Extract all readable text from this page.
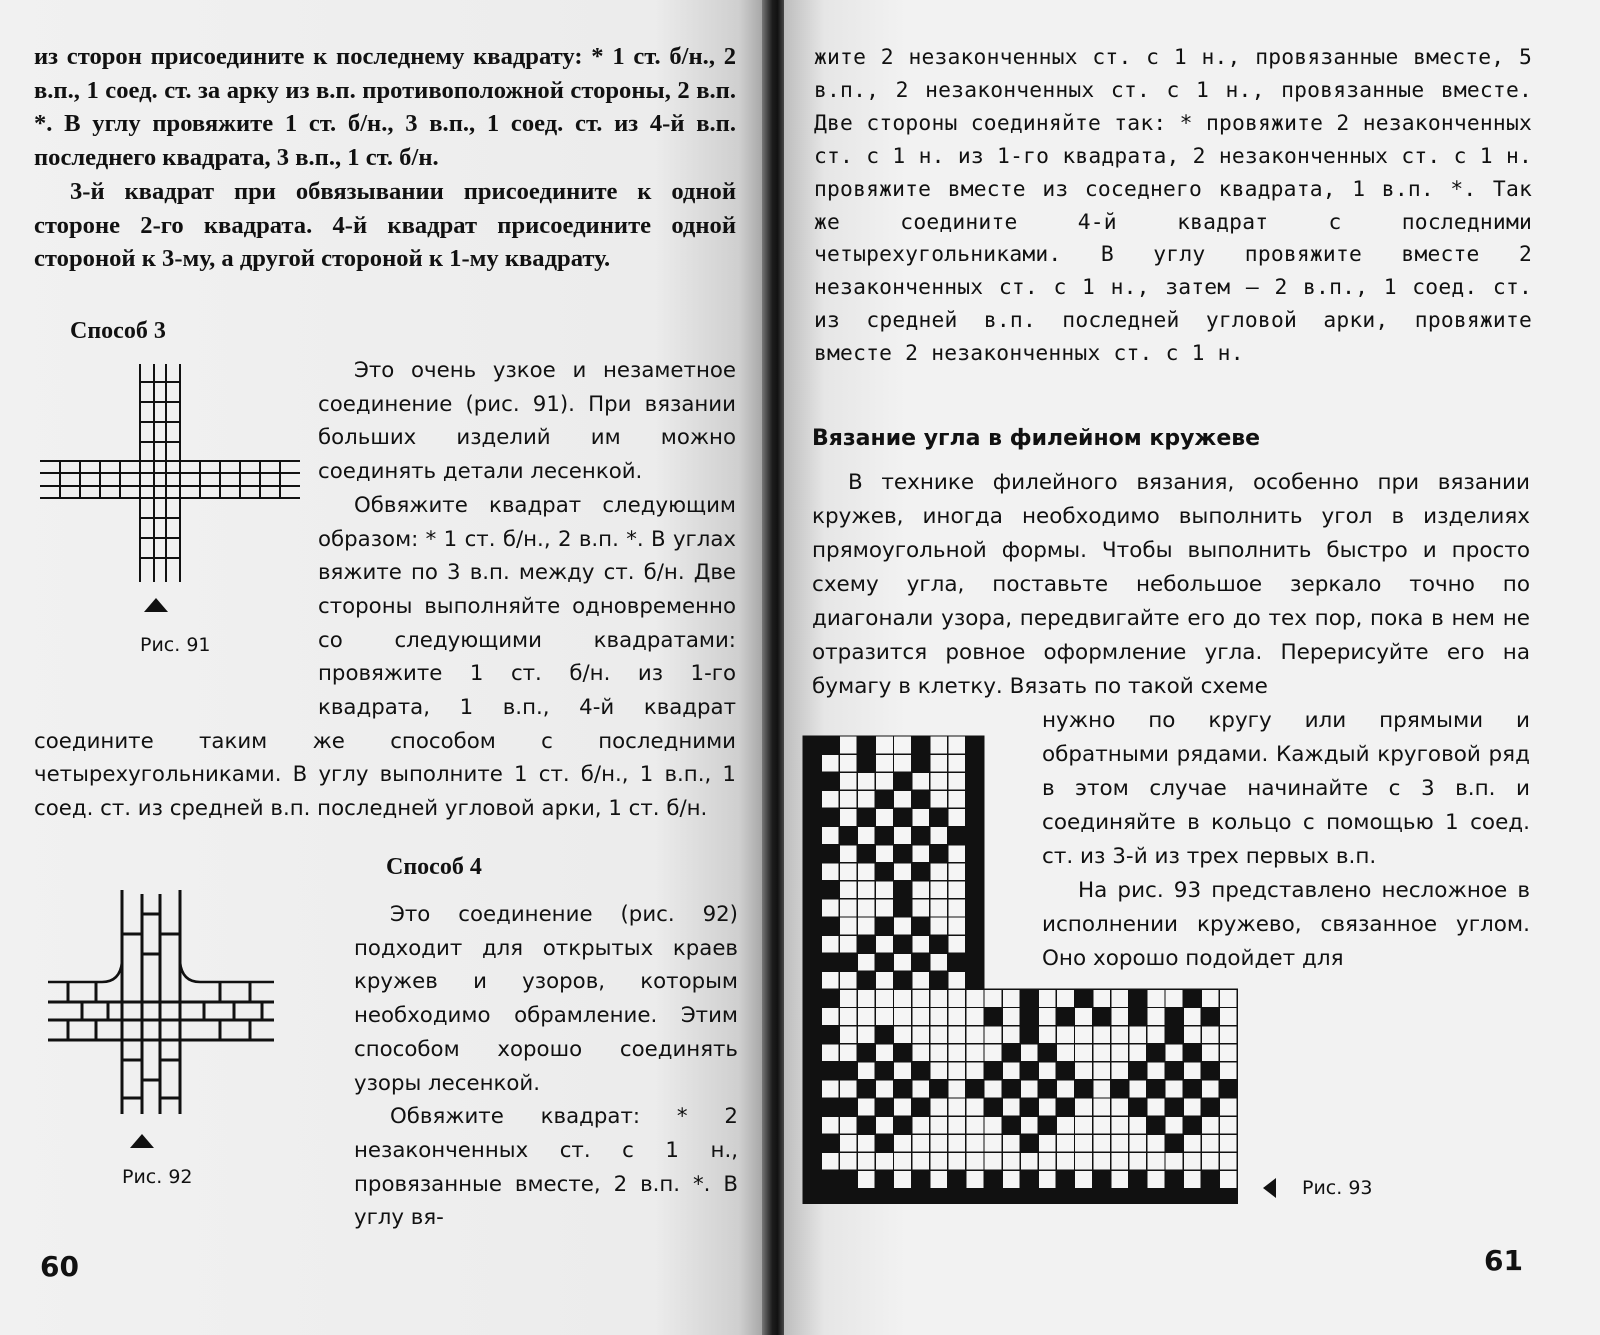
из сторон присоедините к последнему квадрату: * 1 ст. б/н., 2 в.п., 1 соед. ст. за арку из в.п. противоположной стороны, 2 в.п. *. В углу провяжите 1 ст. б/н., 3 в.п., 1 соед. ст. из 4-й в.п. последнего квадрата, 3 в.п., 1 ст. б/н.

3-й квадрат при обвязывании присоедините к одной стороне 2-го квадрата. 4-й квадрат присоедините одной стороной к 3-му, а другой стороной к 1-му квадрату.

Способ 3
Рис. 91

Это очень узкое и незаметное соединение (рис. 91). При вязании больших изделий им можно соединять детали лесенкой.

Обвяжите квадрат следующим образом: * 1 ст. б/н., 2 в.п. *. В углах вяжите по 3 в.п. между ст. б/н. Две стороны выполняйте одновременно со следующими квадратами: провяжите 1 ст. б/н. из 1-го квадрата, 1 в.п., 4-й квадрат соедините таким же способом с последними четырехугольниками. В углу выполните 1 ст. б/н., 1 в.п., 1 соед. ст. из средней в.п. последней угловой арки, 1 ст. б/н.

Способ 4
Рис. 92

Это соединение (рис. 92) подходит для открытых краев кружев и узоров, которым необходимо обрамление. Этим способом хорошо соединять узоры лесенкой.

Обвяжите квадрат: * 2 незаконченных ст. с 1 н., провязанные вместе, 2 в.п. *. В углу вя-

60

жите 2 незаконченных ст. с 1 н., провязанные вместе, 5 в.п., 2 незаконченных ст. с 1 н., провязанные вместе. Две стороны соединяйте так: * провяжите 2 незаконченных ст. с 1 н. из 1-го квадрата, 2 незаконченных ст. с 1 н. провяжите вместе из соседнего квадрата, 1 в.п. *. Так же соедините 4-й квадрат с последними четырехугольниками. В углу провяжите вместе 2 незаконченных ст. с 1 н., затем — 2 в.п., 1 соед. ст. из средней в.п. последней угловой арки, провяжите вместе 2 незаконченных ст. с 1 н.

Вязание угла в филейном кружеве

В технике филейного вязания, особенно при вязании кружев, иногда необходимо выполнить угол в изделиях прямоугольной формы. Чтобы выполнить быстро и просто схему угла, поставьте небольшое зеркало точно по диагонали узора, передвигайте его до тех пор, пока в нем не отразится ровное оформление угла. Перерисуйте его на бумагу в клетку. Вязать по такой схеме

нужно по кругу или прямыми и обратными рядами. Каждый круговой ряд в этом случае начинайте с 3 в.п. и соединяйте в кольцо с помощью 1 соед. ст. из 3-й из трех первых в.п.

На рис. 93 представлено несложное в исполнении кружево, связанное углом. Оно хорошо подойдет для

Рис. 93
61
